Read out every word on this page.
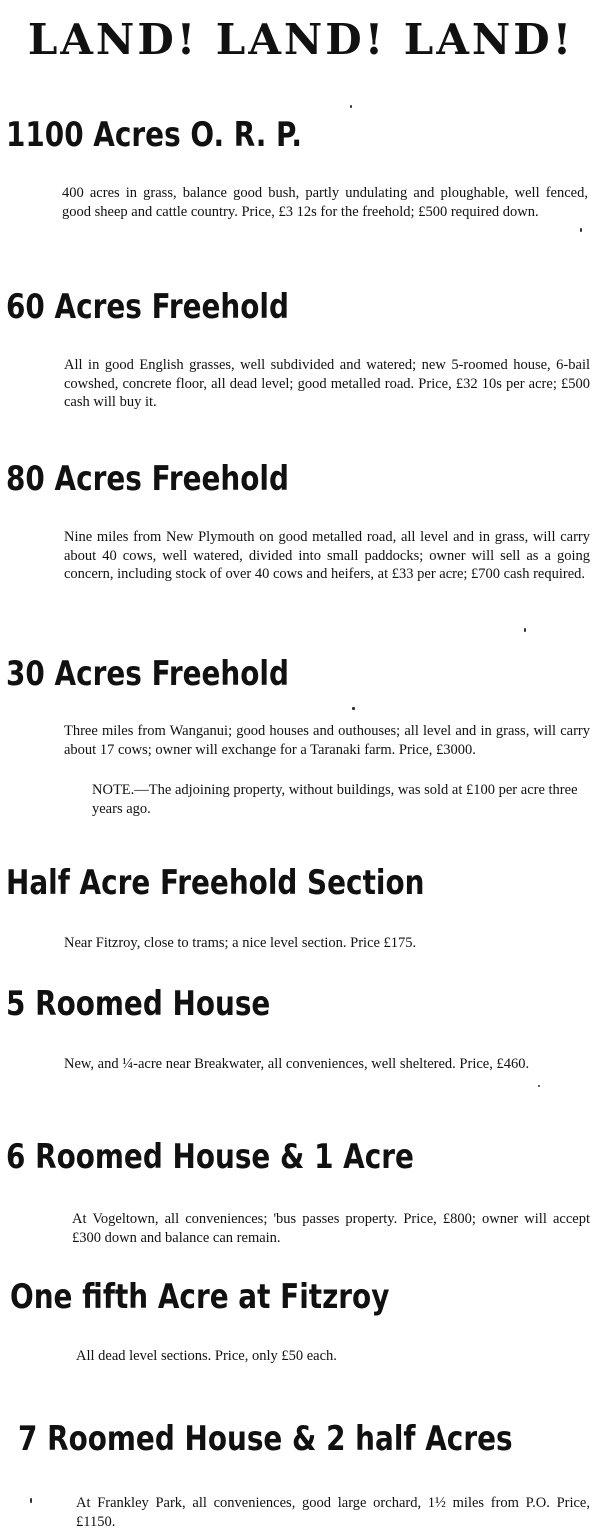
LAND! LAND! LAND!
1100 Acres O. R. P.
400 acres in grass, balance good bush, partly undulating and ploughable, well fenced, good sheep and cattle country. Price, £3 12s for the freehold; £500 required down.
60 Acres Freehold
All in good English grasses, well subdivided and watered; new 5-roomed house, 6-bail cowshed, concrete floor, all dead level; good metalled road. Price, £32 10s per acre; £500 cash will buy it.
80 Acres Freehold
Nine miles from New Plymouth on good metalled road, all level and in grass, will carry about 40 cows, well watered, divided into small paddocks; owner will sell as a going concern, including stock of over 40 cows and heifers, at £33 per acre; £700 cash required.
30 Acres Freehold
Three miles from Wanganui; good houses and outhouses; all level and in grass, will carry about 17 cows; owner will exchange for a Taranaki farm. Price, £3000.
NOTE.—The adjoining property, without buildings, was sold at £100 per acre three years ago.
Half Acre Freehold Section
Near Fitzroy, close to trams; a nice level section. Price £175.
5 Roomed House
New, and ¼-acre near Breakwater, all conveniences, well sheltered. Price, £460.
6 Roomed House & 1 Acre
At Vogeltown, all conveniences; 'bus passes property. Price, £800; owner will accept £300 down and balance can remain.
One fifth Acre at Fitzroy
All dead level sections. Price, only £50 each.
7 Roomed House & 2 half Acres
At Frankley Park, all conveniences, good large orchard, 1½ miles from P.O. Price, £1150.
